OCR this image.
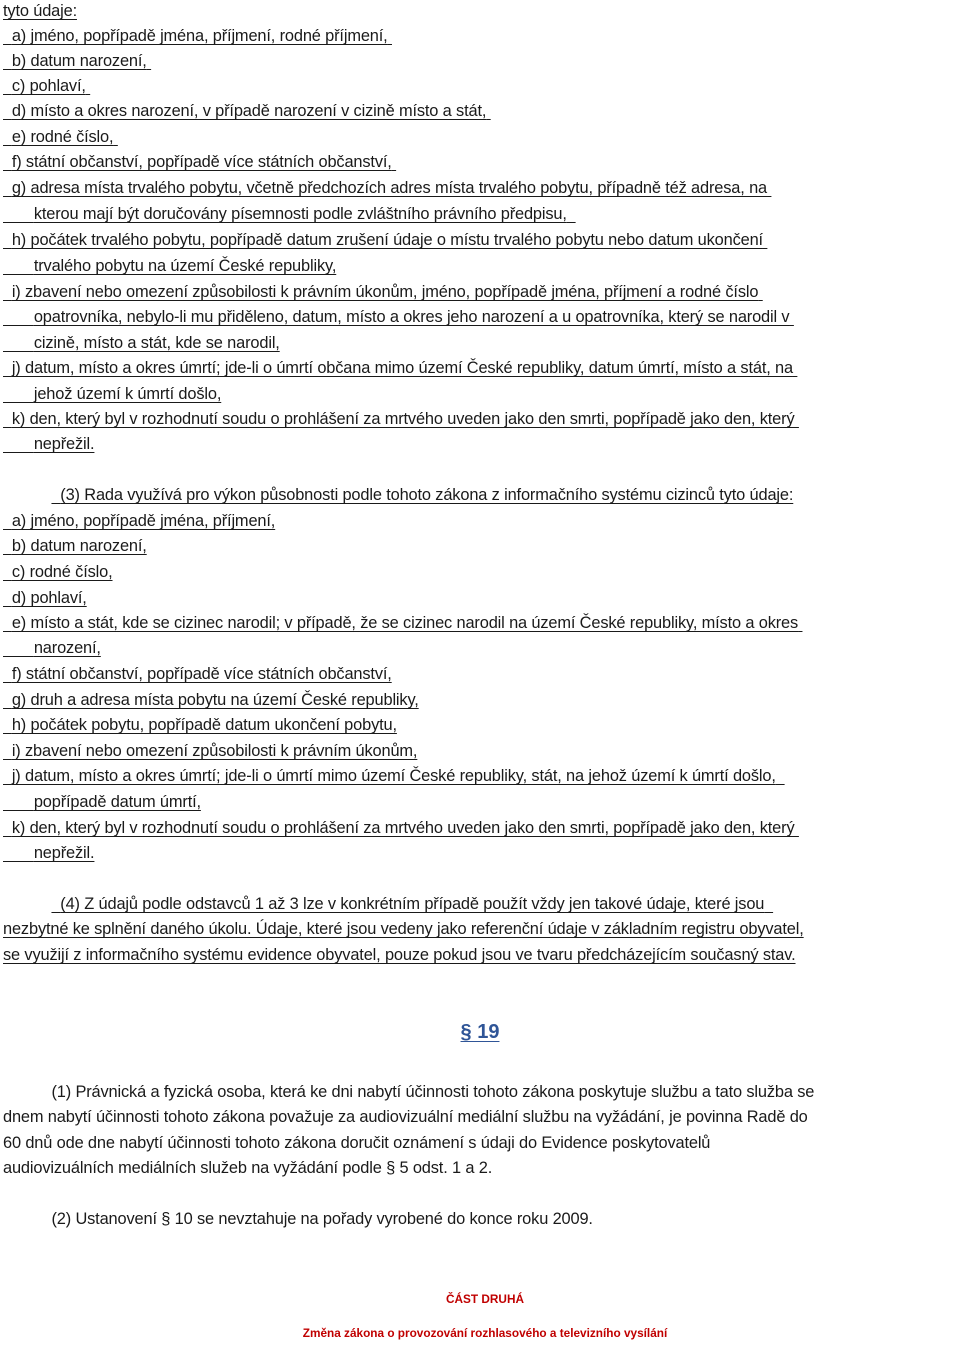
tyto údaje:
a) jméno, popřípadě jména, příjmení, rodné příjmení,
b) datum narození,
c) pohlaví,
d) místo a okres narození, v případě narození v cizině místo a stát,
e) rodné číslo,
f) státní občanství, popřípadě více státních občanství,
g) adresa místa trvalého pobytu, včetně předchozích adres místa trvalého pobytu, případně též adresa, na
kterou mají být doručovány písemnosti podle zvláštního právního předpisu,
h) počátek trvalého pobytu, popřípadě datum zrušení údaje o místu trvalého pobytu nebo datum ukončení
trvalého pobytu na území České republiky,
i) zbavení nebo omezení způsobilosti k právním úkonům, jméno, popřípadě jména, příjmení a rodné číslo
opatrovníka, nebylo-li mu přiděleno, datum, místo a okres jeho narození a u opatrovníka, který se narodil v
cizině, místo a stát, kde se narodil,
j) datum, místo a okres úmrtí; jde-li o úmrtí občana mimo území České republiky, datum úmrtí, místo a stát, na
jehož území k úmrtí došlo,
k) den, který byl v rozhodnutí soudu o prohlášení za mrtvého uveden jako den smrti, popřípadě jako den, který
nepřežil.
(3) Rada využívá pro výkon působnosti podle tohoto zákona z informačního systému cizinců tyto údaje:
a) jméno, popřípadě jména, příjmení,
b) datum narození,
c) rodné číslo,
d) pohlaví,
e) místo a stát, kde se cizinec narodil; v případě, že se cizinec narodil na území České republiky, místo a okres
narození,
f) státní občanství, popřípadě více státních občanství,
g) druh a adresa místa pobytu na území České republiky,
h) počátek pobytu, popřípadě datum ukončení pobytu,
i) zbavení nebo omezení způsobilosti k právním úkonům,
j) datum, místo a okres úmrtí; jde-li o úmrtí mimo území České republiky, stát, na jehož území k úmrtí došlo,
popřípadě datum úmrtí,
k) den, který byl v rozhodnutí soudu o prohlášení za mrtvého uveden jako den smrti, popřípadě jako den, který
nepřežil.
(4) Z údajů podle odstavců 1 až 3 lze v konkrétním případě použít vždy jen takové údaje, které jsou
nezbytné ke splnění daného úkolu. Údaje, které jsou vedeny jako referenční údaje v základním registru obyvatel,
se využijí z informačního systému evidence obyvatel, pouze pokud jsou ve tvaru předcházejícím současný stav.
§ 19
(1) Právnická a fyzická osoba, která ke dni nabytí účinnosti tohoto zákona poskytuje službu a tato služba se
dnem nabytí účinnosti tohoto zákona považuje za audiovizuální mediální službu na vyžádání, je povinna Radě do
60 dnů ode dne nabytí účinnosti tohoto zákona doručit oznámení s údaji do Evidence poskytovatelů
audiovizuálních mediálních služeb na vyžádání podle § 5 odst. 1 a 2.
(2) Ustanovení § 10 se nevztahuje na pořady vyrobené do konce roku 2009.
ČÁST DRUHÁ
Změna zákona o provozování rozhlasového a televizního vysílání
